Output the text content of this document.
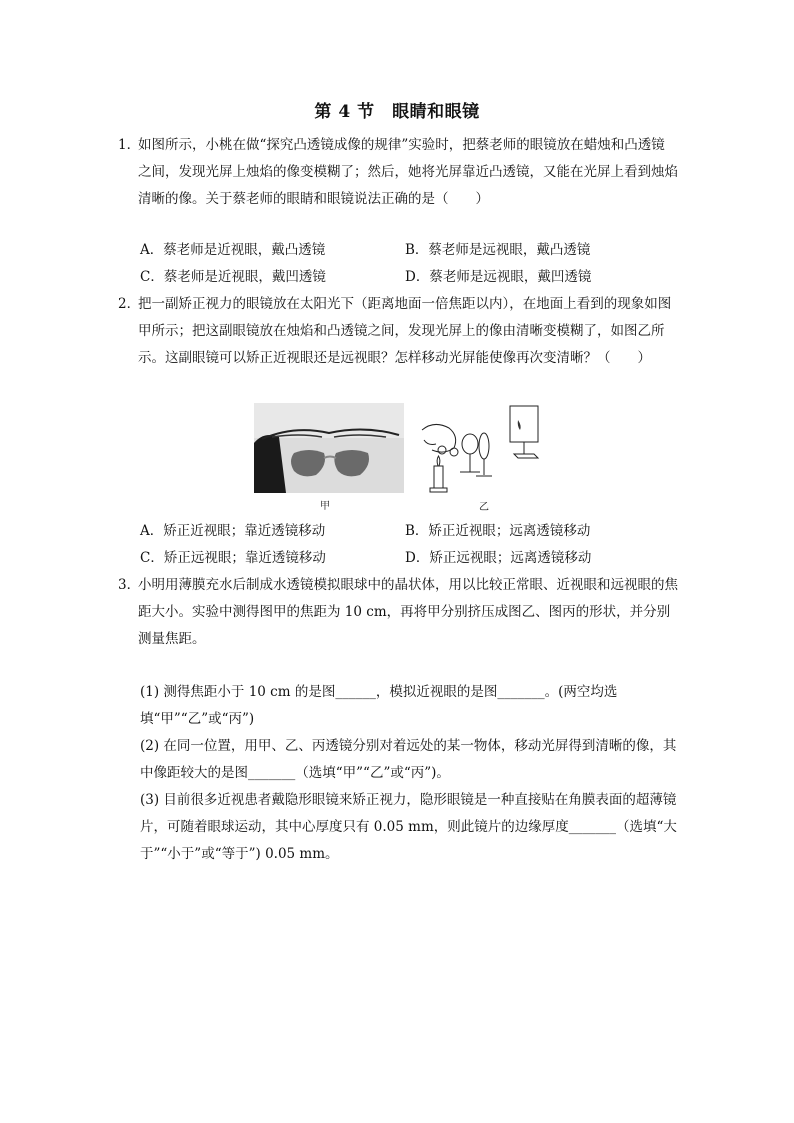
第 4 节　眼睛和眼镜
1．
如图所示，小桃在做“探究凸透镜成像的规律”实验时，把蔡老师的眼镜放在蜡烛和凸透镜之间，发现光屏上烛焰的像变模糊了；然后，她将光屏靠近凸透镜，又能在光屏上看到烛焰清晰的像。关于蔡老师的眼睛和眼镜说法正确的是（　　）
A．蔡老师是近视眼，戴凸透镜	B．蔡老师是远视眼，戴凸透镜
C．蔡老师是近视眼，戴凹透镜	D．蔡老师是远视眼，戴凹透镜
2．
把一副矫正视力的眼镜放在太阳光下（距离地面一倍焦距以内），在地面上看到的现象如图甲所示；把这副眼镜放在烛焰和凸透镜之间，发现光屏上的像由清晰变模糊了，如图乙所示。这副眼镜可以矫正近视眼还是远视眼？怎样移动光屏能使像再次变清晰？（　　）
甲	乙
A．矫正近视眼；靠近透镜移动	B．矫正近视眼；远离透镜移动
C．矫正远视眼；靠近透镜移动	D．矫正远视眼；远离透镜移动
3．
小明用薄膜充水后制成水透镜模拟眼球中的晶状体，用以比较正常眼、近视眼和远视眼的焦距大小。实验中测得图甲的焦距为 10 cm，再将甲分别挤压成图乙、图丙的形状，并分别测量焦距。
(1) 测得焦距小于 10 cm 的是图______，模拟近视眼的是图_______。(两空均选填“甲”“乙”或“丙”)
(2) 在同一位置，用甲、乙、丙透镜分别对着远处的某一物体，移动光屏得到清晰的像，其中像距较大的是图_______（选填“甲”“乙”或“丙”)。
(3) 目前很多近视患者戴隐形眼镜来矫正视力，隐形眼镜是一种直接贴在角膜表面的超薄镜片，可随着眼球运动，其中心厚度只有 0.05 mm，则此镜片的边缘厚度_______（选填“大于”“小于”或“等于”) 0.05 mm。
